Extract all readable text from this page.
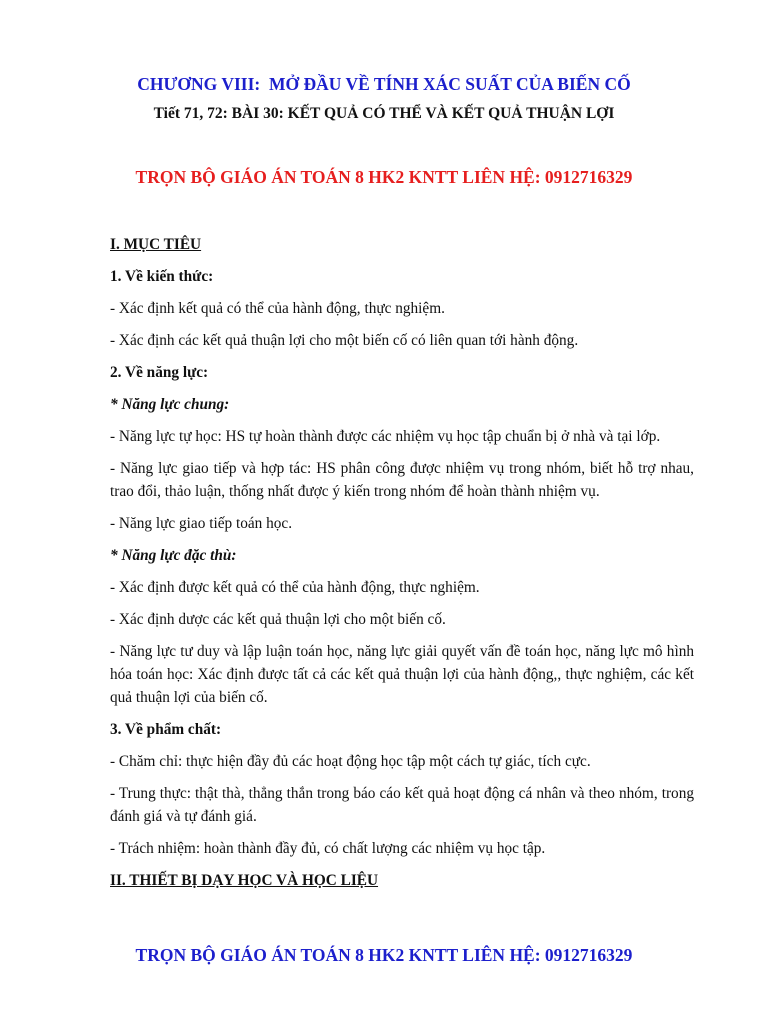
CHƯƠNG VIII:  MỞ ĐẦU VỀ TÍNH XÁC SUẤT CỦA BIẾN CỐ
Tiết 71, 72: BÀI 30: KẾT QUẢ CÓ THỂ VÀ KẾT QUẢ THUẬN LỢI
TRỌN BỘ GIÁO ÁN TOÁN 8 HK2 KNTT LIÊN HỆ: 0912716329

I. MỤC TIÊU

1. Về kiến thức:

- Xác định kết quả có thể của hành động, thực nghiệm.

- Xác định các kết quả thuận lợi cho một biến cố có liên quan tới hành động.

2. Về năng lực:

* Năng lực chung:

- Năng lực tự học: HS tự hoàn thành được các nhiệm vụ học tập chuẩn bị ở nhà và tại lớp.

- Năng lực giao tiếp và hợp tác: HS phân công được nhiệm vụ trong nhóm, biết hỗ trợ nhau, trao đổi, thảo luận, thống nhất được ý kiến trong nhóm để hoàn thành nhiệm vụ.

- Năng lực giao tiếp toán học.

* Năng lực đặc thù:

- Xác định được kết quả có thể của hành động, thực nghiệm.

- Xác định dược các kết quả thuận lợi cho một biến cố.

- Năng lực tư duy và lập luận toán học, năng lực giải quyết vấn đề toán học, năng lực mô hình hóa toán học: Xác định được tất cả các kết quả thuận lợi của hành động,, thực nghiệm, các kết quả thuận lợi của biến cố.

3. Về phẩm chất:

- Chăm chỉ: thực hiện đầy đủ các hoạt động học tập một cách tự giác, tích cực.

- Trung thực: thật thà, thẳng thắn trong báo cáo kết quả hoạt động cá nhân và theo nhóm, trong đánh giá và tự đánh giá.

- Trách nhiệm: hoàn thành đầy đủ, có chất lượng các nhiệm vụ học tập.

II. THIẾT BỊ DẠY HỌC VÀ HỌC LIỆU

TRỌN BỘ GIÁO ÁN TOÁN 8 HK2 KNTT LIÊN HỆ: 0912716329
